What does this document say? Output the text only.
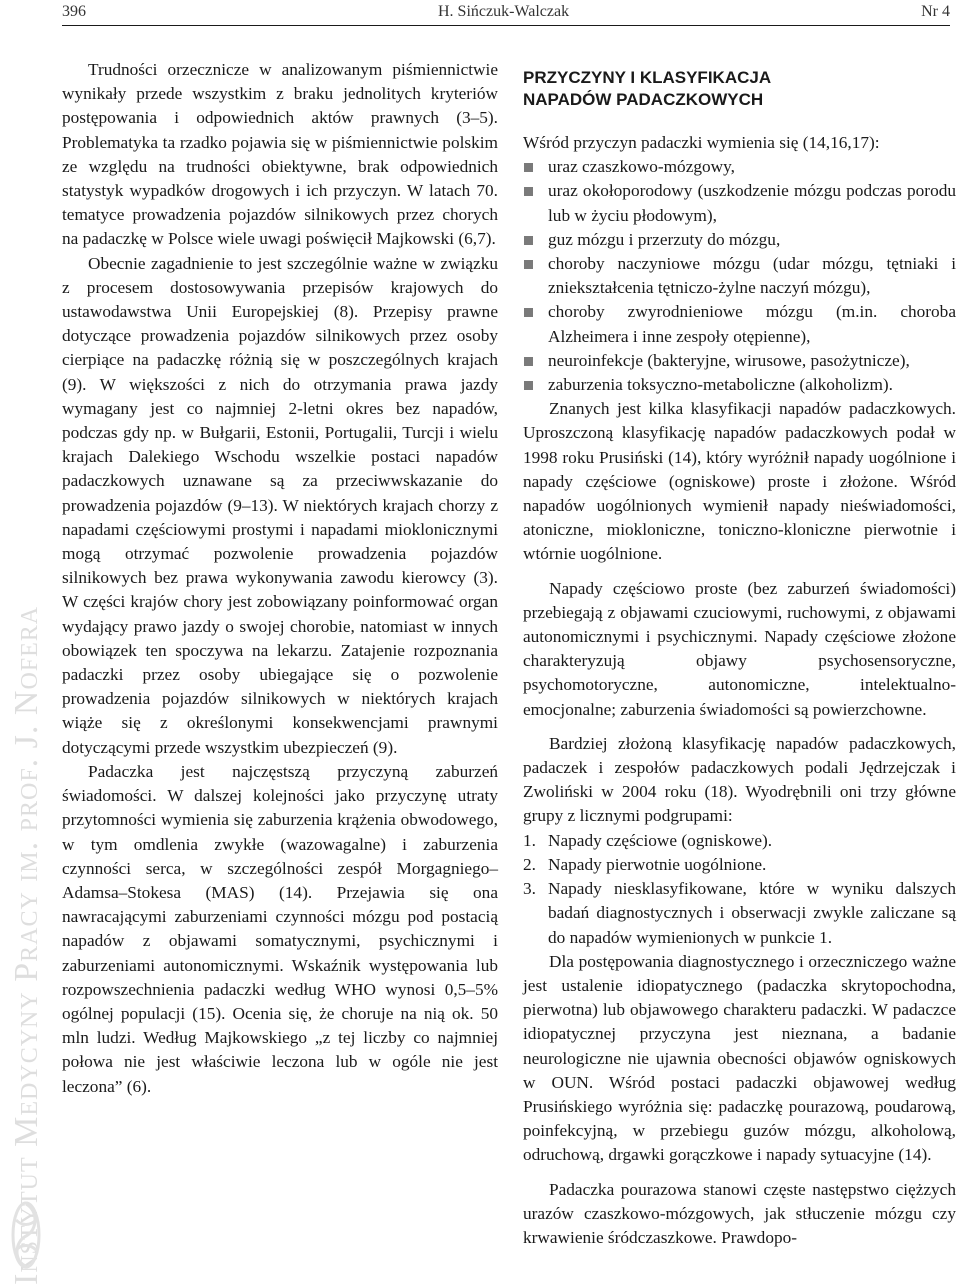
396	H. Sińczuk-Walczak	Nr 4
Instytut Medycyny Pracy im. prof. J. Nofera

Trudności orzecznicze w analizowanym piśmiennictwie wynikały przede wszystkim z braku jednolitych kryteriów postępowania i odpowiednich aktów prawnych (3–5). Problematyka ta rzadko pojawia się w piśmiennictwie polskim ze względu na trudności obiektywne, brak odpowiednich statystyk wypadków drogowych i ich przyczyn. W latach 70. tematyce prowadzenia pojazdów silnikowych przez chorych na padaczkę w Polsce wiele uwagi poświęcił Majkowski (6,7).

Obecnie zagadnienie to jest szczególnie ważne w związku z procesem dostosowywania przepisów krajowych do ustawodawstwa Unii Europejskiej (8). Przepisy prawne dotyczące prowadzenia pojazdów silnikowych przez osoby cierpiące na padaczkę różnią się w poszczególnych krajach (9). W większości z nich do otrzymania prawa jazdy wymagany jest co najmniej 2-letni okres bez napadów, podczas gdy np. w Bułgarii, Estonii, Portugalii, Turcji i wielu krajach Dalekiego Wschodu wszelkie postaci napadów padaczkowych uznawane są za przeciwwskazanie do prowadzenia pojazdów (9–13). W niektórych krajach chorzy z napadami częściowymi prostymi i napadami mioklonicznymi mogą otrzymać pozwolenie prowadzenia pojazdów silnikowych bez prawa wykonywania zawodu kierowcy (3). W części krajów chory jest zobowiązany poinformować organ wydający prawo jazdy o swojej chorobie, natomiast w innych obowiązek ten spoczywa na lekarzu. Zatajenie rozpoznania padaczki przez osoby ubiegające się o pozwolenie prowadzenia pojazdów silnikowych w niektórych krajach wiąże się z określonymi konsekwencjami prawnymi dotyczącymi przede wszystkim ubezpieczeń (9).

Padaczka jest najczęstszą przyczyną zaburzeń świadomości. W dalszej kolejności jako przyczynę utraty przytomności wymienia się zaburzenia krążenia obwodowego, w tym omdlenia zwykłe (wazowagalne) i zaburzenia czynności serca, w szczególności zespół Morgagniego–Adamsa–Stokesa (MAS) (14). Przejawia się ona nawracającymi zaburzeniami czynności mózgu pod postacią napadów z objawami somatycznymi, psychicznymi i zaburzeniami autonomicznymi. Wskaźnik występowania lub rozpowszechnienia padaczki według WHO wynosi 0,5–5% ogólnej populacji (15). Ocenia się, że choruje na nią ok. 50 mln ludzi. Według Majkowskiego „z tej liczby co najmniej połowa nie jest właściwie leczona lub w ogóle nie jest leczona” (6).

PRZYCZYNY I KLASYFIKACJA
NAPADÓW PADACZKOWYCH

Wśród przyczyn padaczki wymienia się (14,16,17):

uraz czaszkowo-mózgowy,
uraz okołoporodowy (uszkodzenie mózgu podczas porodu lub w życiu płodowym),
guz mózgu i przerzuty do mózgu,
choroby naczyniowe mózgu (udar mózgu, tętniaki i zniekształcenia tętniczo-żylne naczyń mózgu),
choroby zwyrodnieniowe mózgu (m.in. choroba Alzheimera i inne zespoły otępienne),
neuroinfekcje (bakteryjne, wirusowe, pasożytnicze),
zaburzenia toksyczno-metaboliczne (alkoholizm).

Znanych jest kilka klasyfikacji napadów padaczkowych. Uproszczoną klasyfikację napadów padaczkowych podał w 1998 roku Prusiński (14), który wyróżnił napady uogólnione i napady częściowe (ogniskowe) proste i złożone. Wśród napadów uogólnionych wymienił napady nieświadomości, atoniczne, miokloniczne, toniczno-kloniczne pierwotnie i wtórnie uogólnione.

Napady częściowo proste (bez zaburzeń świadomości) przebiegają z objawami czuciowymi, ruchowymi, z objawami autonomicznymi i psychicznymi. Napady częściowe złożone charakteryzują objawy psychosensoryczne, psychomotoryczne, autonomiczne, intelektualno-emocjonalne; zaburzenia świadomości są powierzchowne.

Bardziej złożoną klasyfikację napadów padaczkowych, padaczek i zespołów padaczkowych podali Jędrzejczak i Zwoliński w 2004 roku (18). Wyodrębnili oni trzy główne grupy z licznymi podgrupami:

1. Napady częściowe (ogniskowe).
2. Napady pierwotnie uogólnione.
3. Napady niesklasyfikowane, które w wyniku dalszych badań diagnostycznych i obserwacji zwykle zaliczane są do napadów wymienionych w punkcie 1.

Dla postępowania diagnostycznego i orzeczniczego ważne jest ustalenie idiopatycznego (padaczka skrytopochodna, pierwotna) lub objawowego charakteru padaczki. W padaczce idiopatycznej przyczyna jest nieznana, a badanie neurologiczne nie ujawnia obecności objawów ogniskowych w OUN. Wśród postaci padaczki objawowej według Prusińskiego wyróżnia się: padaczkę pourazową, poudarową, poinfekcyjną, w przebiegu guzów mózgu, alkoholową, odruchową, drgawki gorączkowe i napady sytuacyjne (14).

Padaczka pourazowa stanowi częste następstwo ciężzych urazów czaszkowo-mózgowych, jak stłuczenie mózgu czy krwawienie śródczaszkowe. Prawdopo-
